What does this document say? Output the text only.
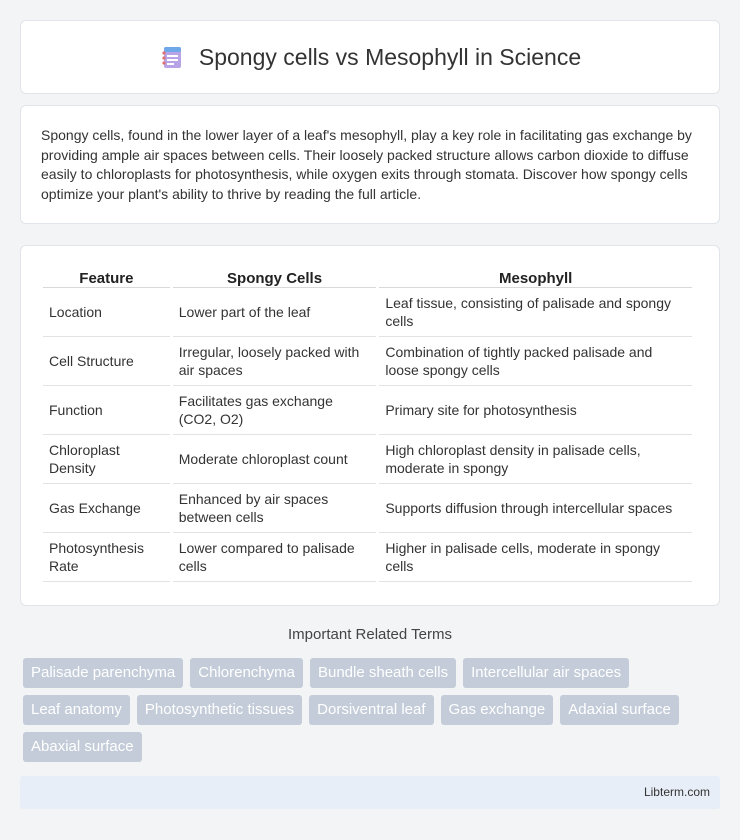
Spongy cells vs Mesophyll in Science

Spongy cells, found in the lower layer of a leaf's mesophyll, play a key role in facilitating gas exchange by providing ample air spaces between cells. Their loosely packed structure allows carbon dioxide to diffuse easily to chloroplasts for photosynthesis, while oxygen exits through stomata. Discover how spongy cells optimize your plant's ability to thrive by reading the full article.

Feature	Spongy Cells	Mesophyll
Location	Lower part of the leaf	Leaf tissue, consisting of palisade and spongy cells
Cell Structure	Irregular, loosely packed with air spaces	Combination of tightly packed palisade and loose spongy cells
Function	Facilitates gas exchange (CO2, O2)	Primary site for photosynthesis
Chloroplast Density	Moderate chloroplast count	High chloroplast density in palisade cells, moderate in spongy
Gas Exchange	Enhanced by air spaces between cells	Supports diffusion through intercellular spaces
Photosynthesis Rate	Lower compared to palisade cells	Higher in palisade cells, moderate in spongy cells
Important Related Terms
Palisade parenchyma	Chlorenchyma	Bundle sheath cells	Intercellular air spaces
Leaf anatomy	Photosynthetic tissues	Dorsiventral leaf	Gas exchange	Adaxial surface
Abaxial surface
Libterm.com
